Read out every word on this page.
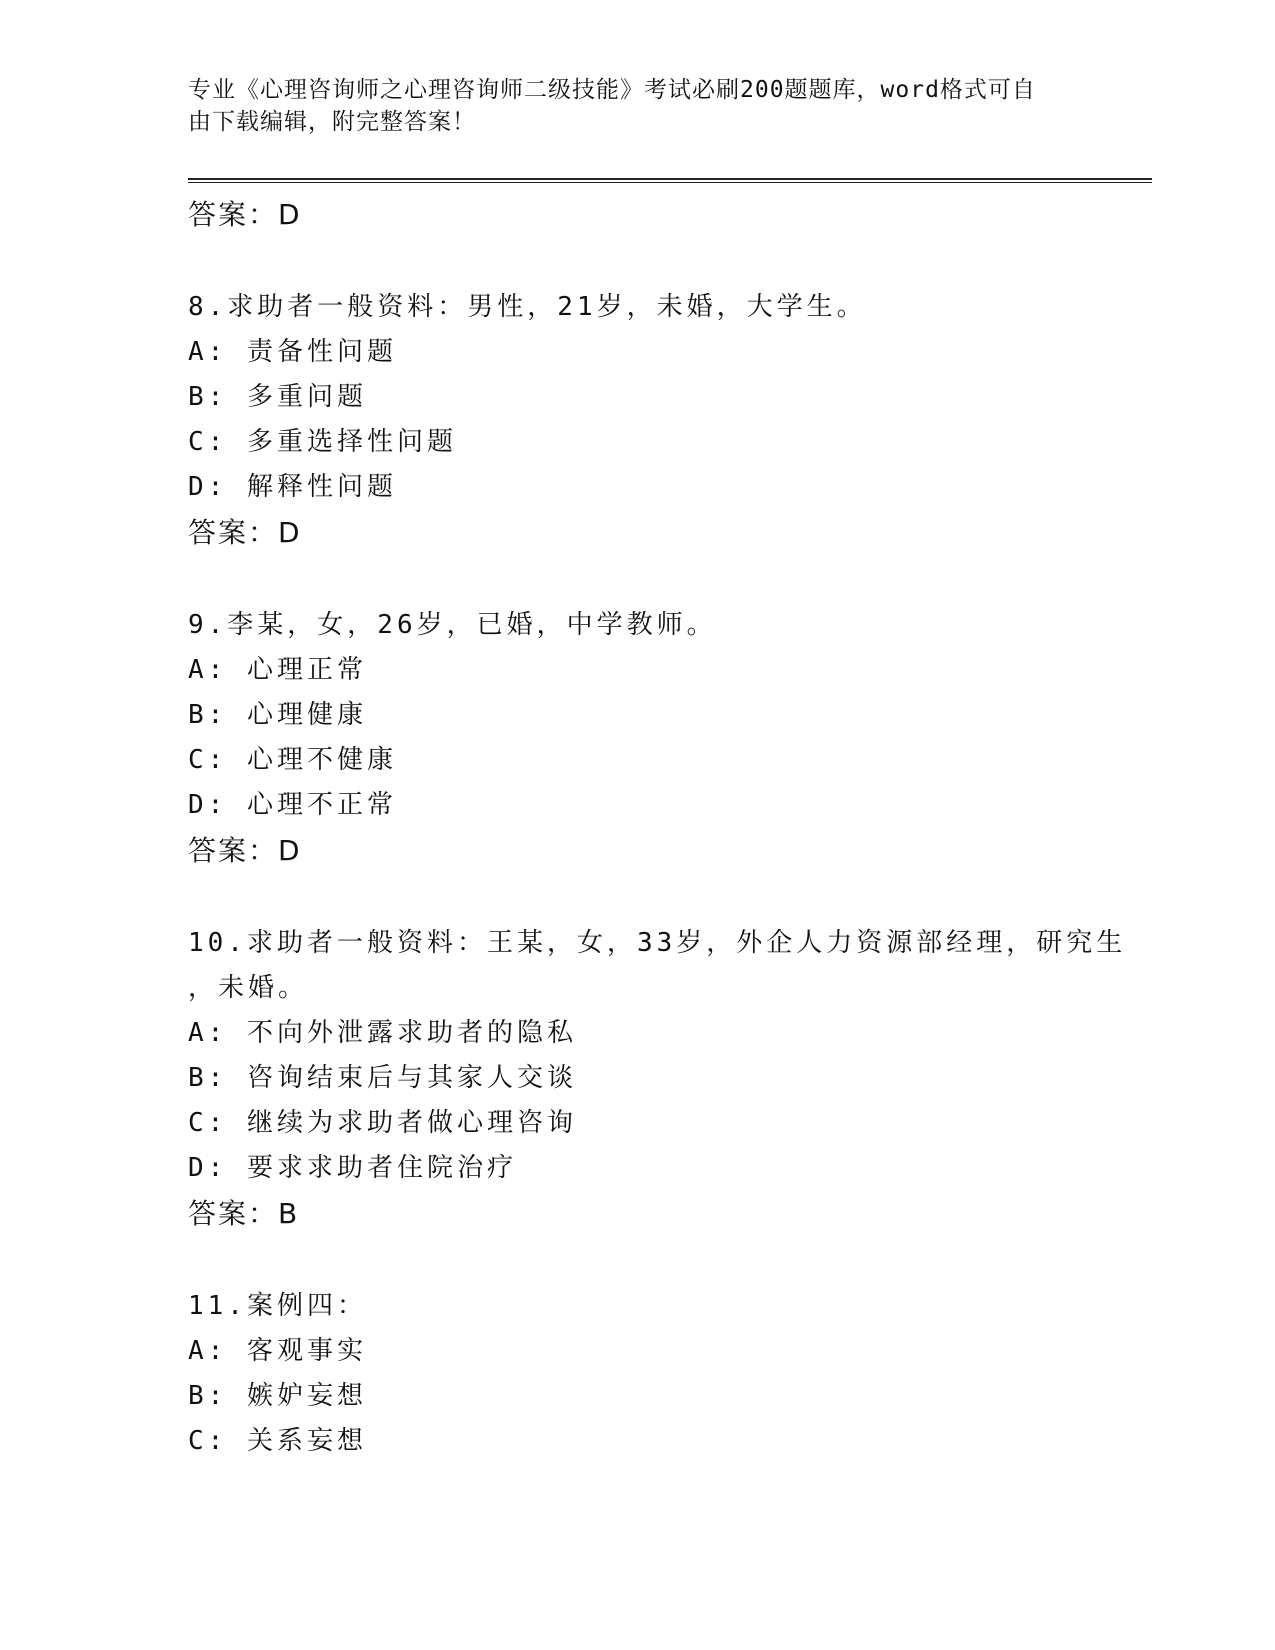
专业《心理咨询师之心理咨询师二级技能》考试必刷200题题库，word格式可自
由下载编辑，附完整答案！
答案：D
8.求助者一般资料：男性，21岁，未婚，大学生。
A: 责备性问题
B: 多重问题
C: 多重选择性问题
D: 解释性问题
答案：D
9.李某，女，26岁，已婚，中学教师。
A: 心理正常
B: 心理健康
C: 心理不健康
D: 心理不正常
答案：D
10.求助者一般资料：王某，女，33岁，外企人力资源部经理，研究生
，未婚。
A: 不向外泄露求助者的隐私
B: 咨询结束后与其家人交谈
C: 继续为求助者做心理咨询
D: 要求求助者住院治疗
答案：B
11.案例四：
A: 客观事实
B: 嫉妒妄想
C: 关系妄想
